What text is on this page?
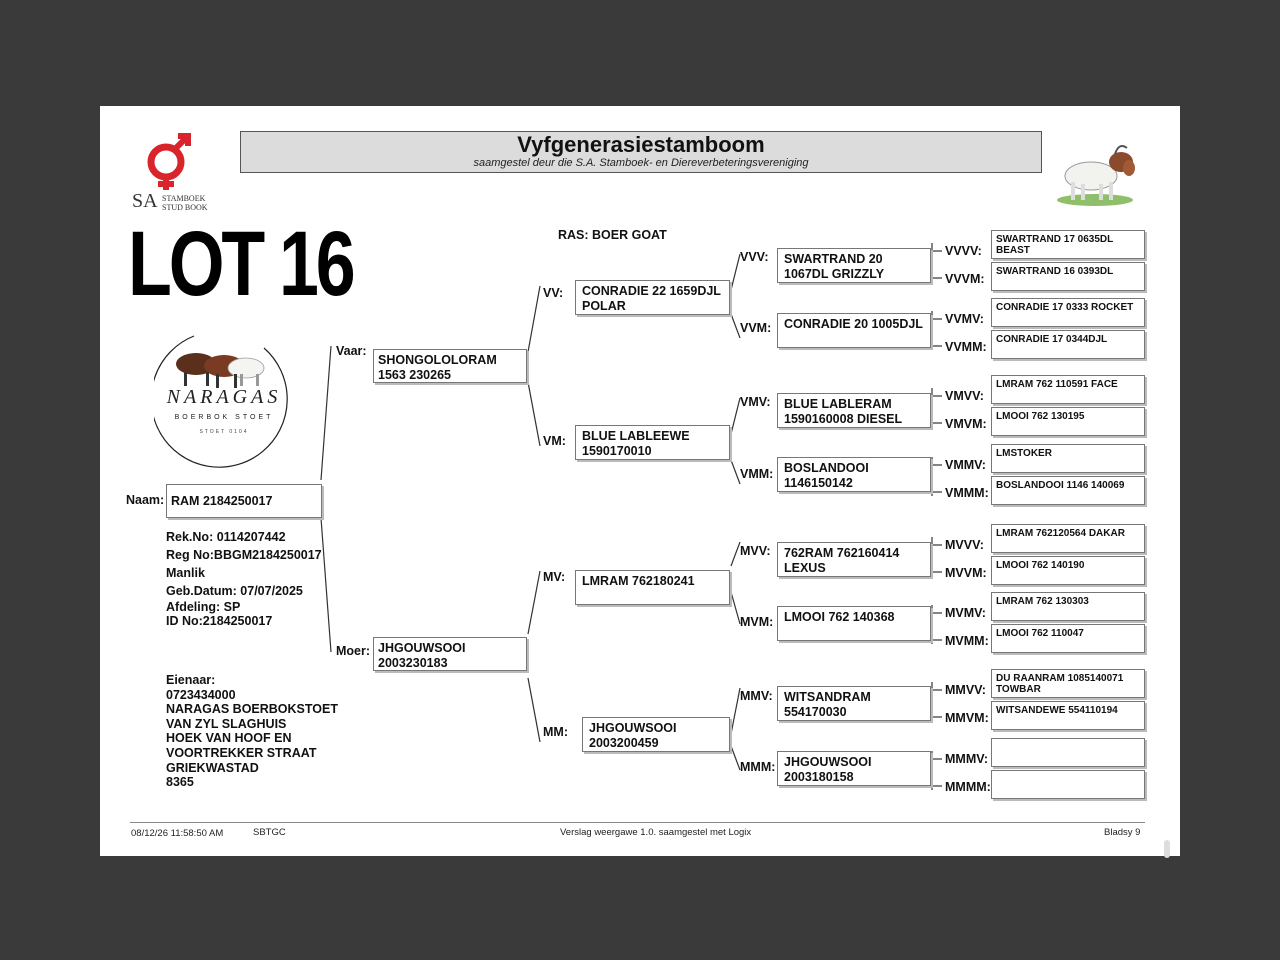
SA STAMBOEK
STUD BOOK
Vyfgenerasiestamboom
saamgestel deur die S.A. Stamboek- en Diereverbeteringsvereniging
LOT 16
NARAGAS
BOERBOK STOET
STOET 0104
RAS: BOER GOAT
Naam: RAM 2184250017
Rek.No: 0114207442
Reg No:BBGM2184250017
Manlik
Geb.Datum: 07/07/2025
Afdeling: SP
ID No:2184250017
Eienaar:
0723434000
NARAGAS BOERBOKSTOET
VAN ZYL SLAGHUIS
HOEK VAN HOOF EN
VOORTREKKER STRAAT
GRIEKWASTAD
8365
Vaar:
SHONGOLOLORAM
1563 230265
Moer: JHGOUWSOOI
2003230183
VV: CONRADIE 22 1659DJL
POLAR
VM: BLUE LABLEEWE
1590170010
MV: LMRAM 762180241
MM: JHGOUWSOOI
2003200459
VVV: SWARTRAND 20
1067DL GRIZZLY
VVM: CONRADIE 20 1005DJL
VMV: BLUE LABLERAM
1590160008 DIESEL
VMM: BOSLANDOOI
1146150142
MVV: 762RAM 762160414
LEXUS
MVM: LMOOI 762 140368
MMV: WITSANDRAM
554170030
MMM: JHGOUWSOOI
2003180158
VVVV:
SWARTRAND 17 0635DL
BEAST
VVVM:
SWARTRAND 16 0393DL
VVMV:
CONRADIE 17 0333 ROCKET
VVMM:
CONRADIE 17 0344DJL
VMVV:
LMRAM 762 110591 FACE
VMVM:
LMOOI 762 130195
VMMV:
LMSTOKER
VMMM:
BOSLANDOOI 1146 140069
MVVV:
LMRAM 762120564 DAKAR
MVVM:
LMOOI 762 140190
MVMV:
LMRAM 762 130303
MVMM:
LMOOI 762 110047
MMVV:
DU RAANRAM 1085140071
TOWBAR
MMVM:
WITSANDEWE 554110194
MMMV:
MMMM:
08/12/26 11:58:50 AM	SBTGC	Verslag weergawe 1.0. saamgestel met Logix	Bladsy 9
